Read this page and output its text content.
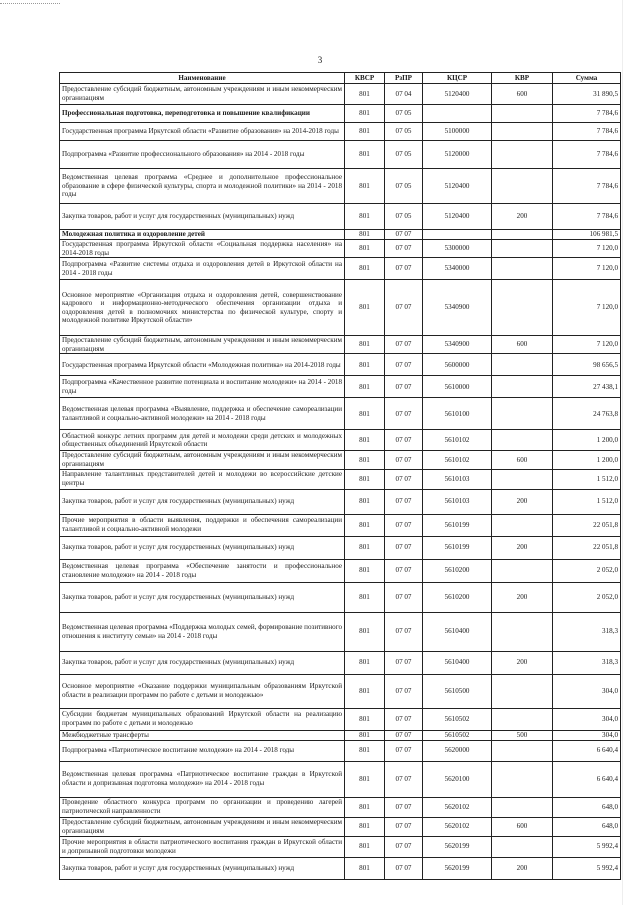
3
Наименование	КВСР	РзПР	КЦСР	КВР	Сумма
Предоставление субсидий бюджетным, автономным учреждениям и иным некоммерческим организациям	801	07 04	5120400	600	31 890,5
Профессиональная подготовка, переподготовка и повышение квалификации	801	07 05			7 784,6
Государственная программа Иркутской области «Развитие образования» на 2014-2018 годы	801	07 05	5100000		7 784,6
Подпрограмма «Развитие профессионального образования» на 2014 - 2018 годы	801	07 05	5120000		7 784,6
Ведомственная целевая программа «Среднее и дополнительное профессиональное образование в сфере физической культуры, спорта и молодежной политики» на 2014 - 2018 годы	801	07 05	5120400		7 784,6
Закупка товаров, работ и услуг для государственных (муниципальных) нужд	801	07 05	5120400	200	7 784,6
Молодежная политика и оздоровление детей	801	07 07			106 981,5
Государственная программа Иркутской области «Социальная поддержка населения» на 2014-2018 годы	801	07 07	5300000		7 120,0
Подпрограмма «Развитие системы отдыха и оздоровления детей в Иркутской области на 2014 - 2018 годы	801	07 07	5340000		7 120,0
Основное мероприятие «Организация отдыха и оздоровления детей, совершенствование кадрового и информационно-методического обеспечения организации отдыха и оздоровления детей в полномочиях министерства по физической культуре, спорту и молодежной политике Иркутской области»	801	07 07	5340900		7 120,0
Предоставление субсидий бюджетным, автономным учреждениям и иным некоммерческим организациям	801	07 07	5340900	600	7 120,0
Государственная программа Иркутской области «Молодежная политика» на 2014-2018 годы	801	07 07	5600000		98 656,5
Подпрограмма «Качественное развитие потенциала и воспитание молодежи» на 2014 - 2018 годы	801	07 07	5610000		27 438,1
Ведомственная целевая программа «Выявление, поддержка и обеспечение самореализации талантливой и социально-активной молодежи» на 2014 - 2018 годы	801	07 07	5610100		24 763,8
Областной конкурс летних программ для детей и молодежи среди детских и молодежных общественных объединений Иркутской области	801	07 07	5610102		1 200,0
Предоставление субсидий бюджетным, автономным учреждениям и иным некоммерческим организациям	801	07 07	5610102	600	1 200,0
Направление талантливых представителей детей и молодежи во всероссийские детские центры	801	07 07	5610103		1 512,0
Закупка товаров, работ и услуг для государственных (муниципальных) нужд	801	07 07	5610103	200	1 512,0
Прочие мероприятия в области выявления, поддержки и обеспечения самореализации талантливой и социально-активной молодежи	801	07 07	5610199		22 051,8
Закупка товаров, работ и услуг для государственных (муниципальных) нужд	801	07 07	5610199	200	22 051,8
Ведомственная целевая программа «Обеспечение занятости и профессиональное становление молодежи» на 2014 - 2018 годы	801	07 07	5610200		2 052,0
Закупка товаров, работ и услуг для государственных (муниципальных) нужд	801	07 07	5610200	200	2 052,0
Ведомственная целевая программа «Поддержка молодых семей, формирование позитивного отношения к институту семьи» на 2014 - 2018 годы	801	07 07	5610400		318,3
Закупка товаров, работ и услуг для государственных (муниципальных) нужд	801	07 07	5610400	200	318,3
Основное мероприятие «Оказание поддержки муниципальным образованиям Иркутской области в реализации программ по работе с детьми и молодежью»	801	07 07	5610500		304,0
Субсидии бюджетам муниципальных образований Иркутской области на реализацию программ по работе с детьми и молодежью	801	07 07	5610502		304,0
Межбюджетные трансферты	801	07 07	5610502	500	304,0
Подпрограмма «Патриотическое воспитание молодежи» на 2014 - 2018 годы	801	07 07	5620000		6 640,4
Ведомственная целевая программа «Патриотическое воспитание граждан в Иркутской области и допризывная подготовка молодежи» на 2014 - 2018 годы	801	07 07	5620100		6 640,4
Проведение областного конкурса программ по организации и проведению лагерей патриотической направленности	801	07 07	5620102		648,0
Предоставление субсидий бюджетным, автономным учреждениям и иным некоммерческим организациям	801	07 07	5620102	600	648,0
Прочие мероприятия в области патриотического воспитания граждан в Иркутской области и допризывной подготовки молодежи	801	07 07	5620199		5 992,4
Закупка товаров, работ и услуг для государственных (муниципальных) нужд	801	07 07	5620199	200	5 992,4
